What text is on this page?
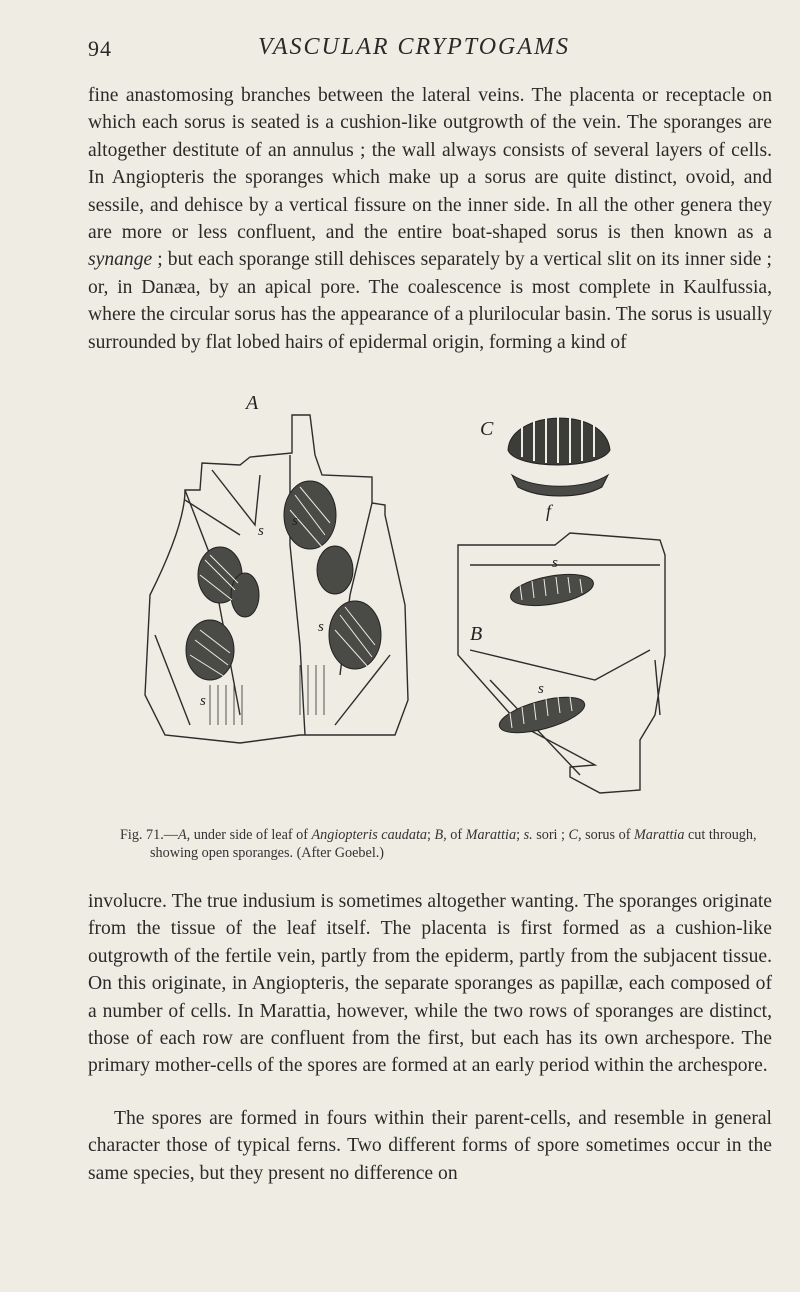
94	VASCULAR CRYPTOGAMS

fine anastomosing branches between the lateral veins. The placenta or receptacle on which each sorus is seated is a cushion-like outgrowth of the vein. The sporanges are altogether destitute of an annulus ; the wall always consists of several layers of cells. In Angiopteris the sporanges which make up a sorus are quite distinct, ovoid, and sessile, and dehisce by a vertical fissure on the inner side. In all the other genera they are more or less confluent, and the entire boat-shaped sorus is then known as a synange ; but each sporange still dehisces separately by a vertical slit on its inner side ; or, in Danæa, by an apical pore. The coalescence is most complete in Kaulfussia, where the circular sorus has the appearance of a plurilocular basin. The sorus is usually surrounded by flat lobed hairs of epidermal origin, forming a kind of

A
C
f
B
s
s
s
s
s
s
Fig. 71.—A, under side of leaf of Angiopteris caudata; B, of Marattia; s. sori ; C, sorus of Marattia cut through, showing open sporanges. (After Goebel.)

involucre. The true indusium is sometimes altogether wanting. The sporanges originate from the tissue of the leaf itself. The placenta is first formed as a cushion-like outgrowth of the fertile vein, partly from the epiderm, partly from the subjacent tissue. On this originate, in Angiopteris, the separate sporanges as papillæ, each composed of a number of cells. In Marattia, however, while the two rows of sporanges are distinct, those of each row are confluent from the first, but each has its own archespore. The primary mother-cells of the spores are formed at an early period within the archespore.

The spores are formed in fours within their parent-cells, and resemble in general character those of typical ferns. Two different forms of spore sometimes occur in the same species, but they present no difference on
